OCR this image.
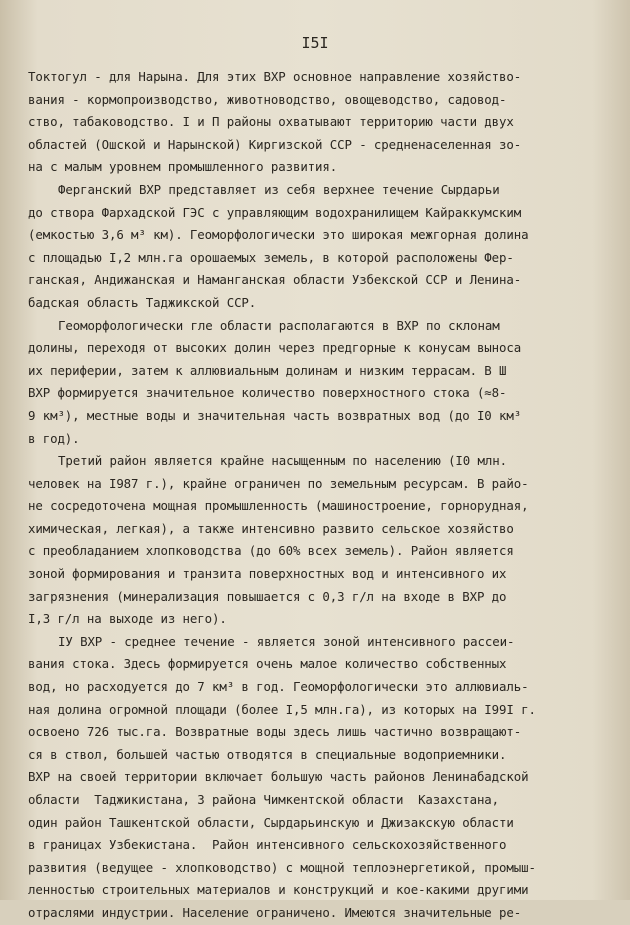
I5I
Токтогул - для Нарына. Для этих ВХР основное направление хозяйство-
вания - кормопроизводство, животноводство, овощеводство, садовод-
ство, табаководство. I и П районы охватывают территорию части двух
областей (Ошской и Нарынской) Киргизской ССР - средненаселенная зо-
на с малым уровнем промышленного развития.
Ферганский ВХР представляет из себя верхнее течение Сырдарьи
до створа Фархадской ГЭС с управляющим водохранилищем Кайраккумским
(емкостью 3,6 м³ км). Геоморфологически это широкая межгорная долина
с площадью I,2 млн.га орошаемых земель, в которой расположены Фер-
ганская, Андижанская и Наманганская области Узбекской ССР и Ленина-
бадская область Таджикской ССР.
Геоморфологически гле области располагаются в ВХР по склонам
долины, переходя от высоких долин через предгорные к конусам выноса
их периферии, затем к аллювиальным долинам и низким террасам. В Ш
ВХР формируется значительное количество поверхностного стока (≈8-
9 км³), местные воды и значительная часть возвратных вод (до I0 км³
в год).
Третий район является крайне насыщенным по населению (I0 млн.
человек на I987 г.), крайне ограничен по земельным ресурсам. В райо-
не сосредоточена мощная промышленность (машиностроение, горнорудная,
химическая, легкая), а также интенсивно развито сельское хозяйство
с преобладанием хлопководства (до 60% всех земель). Район является
зоной формирования и транзита поверхностных вод и интенсивного их
загрязнения (минерализация повышается с 0,3 г/л на входе в ВХР до
I,3 г/л на выходе из него).
IУ ВХР - среднее течение - является зоной интенсивного рассеи-
вания стока. Здесь формируется очень малое количество собственных
вод, но расходуется до 7 км³ в год. Геоморфологически это аллювиаль-
ная долина огромной площади (более I,5 млн.га), из которых на I99I г.
освоено 726 тыс.га. Возвратные воды здесь лишь частично возвращают-
ся в ствол, большей частью отводятся в специальные водоприемники.
ВХР на своей территории включает большую часть районов Ленинабадской
области  Таджикистана, 3 района Чимкентской области  Казахстана,
один район Ташкентской области, Сырдарьинскую и Джизакскую области
в границах Узбекистана.  Район интенсивного сельскохозяйственного
развития (ведущее - хлопководство) с мощной теплоэнергетикой, промыш-
ленностью строительных материалов и конструкций и кое-какими другими
отраслями индустрии. Население ограничено. Имеются значительные ре-
